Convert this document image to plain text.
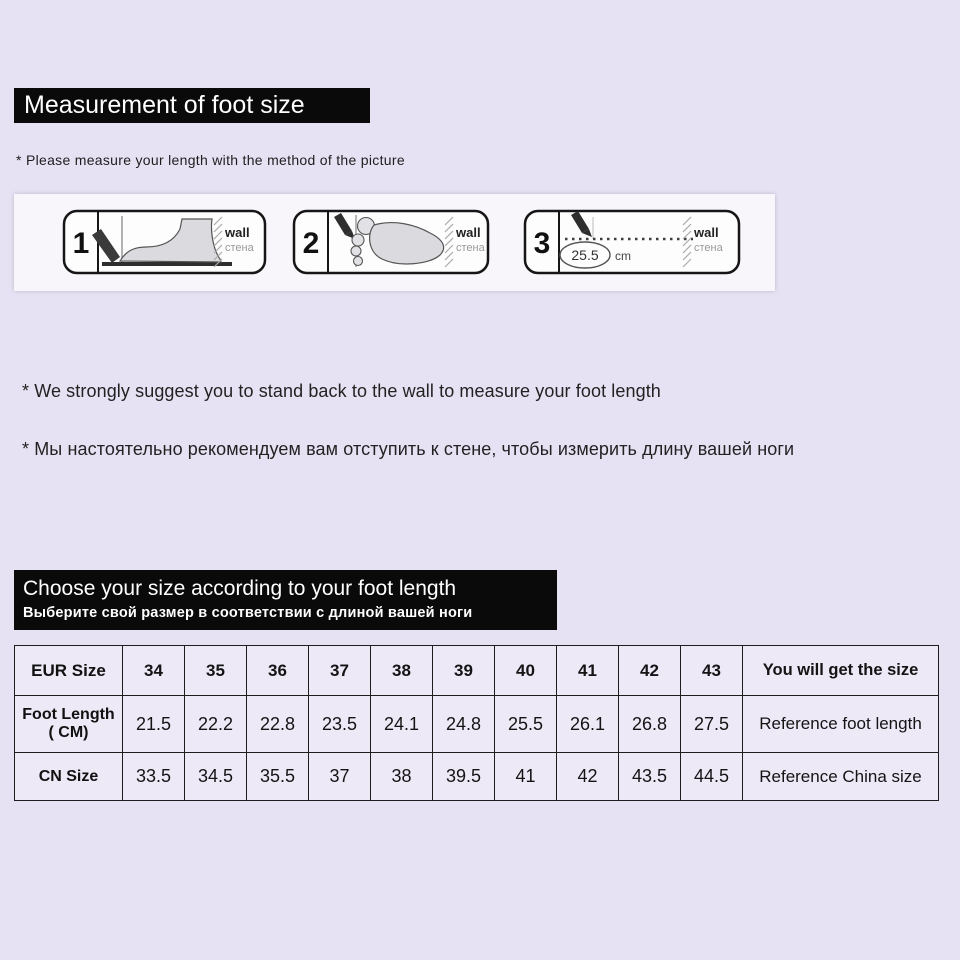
Measurement of foot size
* Please measure your length with the method of the picture
1	wall
стена 2	wall
стена 3 25.5 cm
wall
стена
* We strongly suggest you to stand back to the wall to measure your foot length
* Мы настоятельно рекомендуем вам отступить к стене, чтобы измерить длину вашей ноги
Choose your size according to your foot length
Выберите свой размер в соответствии с длиной вашей ноги
EUR Size	34	35	36	37	38	39	40	41	42	43	You will get the size

Foot Length
( CM)	21.5	22.2	22.8	23.5	24.1	24.8	25.5	26.1	26.8	27.5	Reference foot length
CN Size	33.5	34.5	35.5	37	38	39.5	41	42	43.5	44.5	Reference China size
